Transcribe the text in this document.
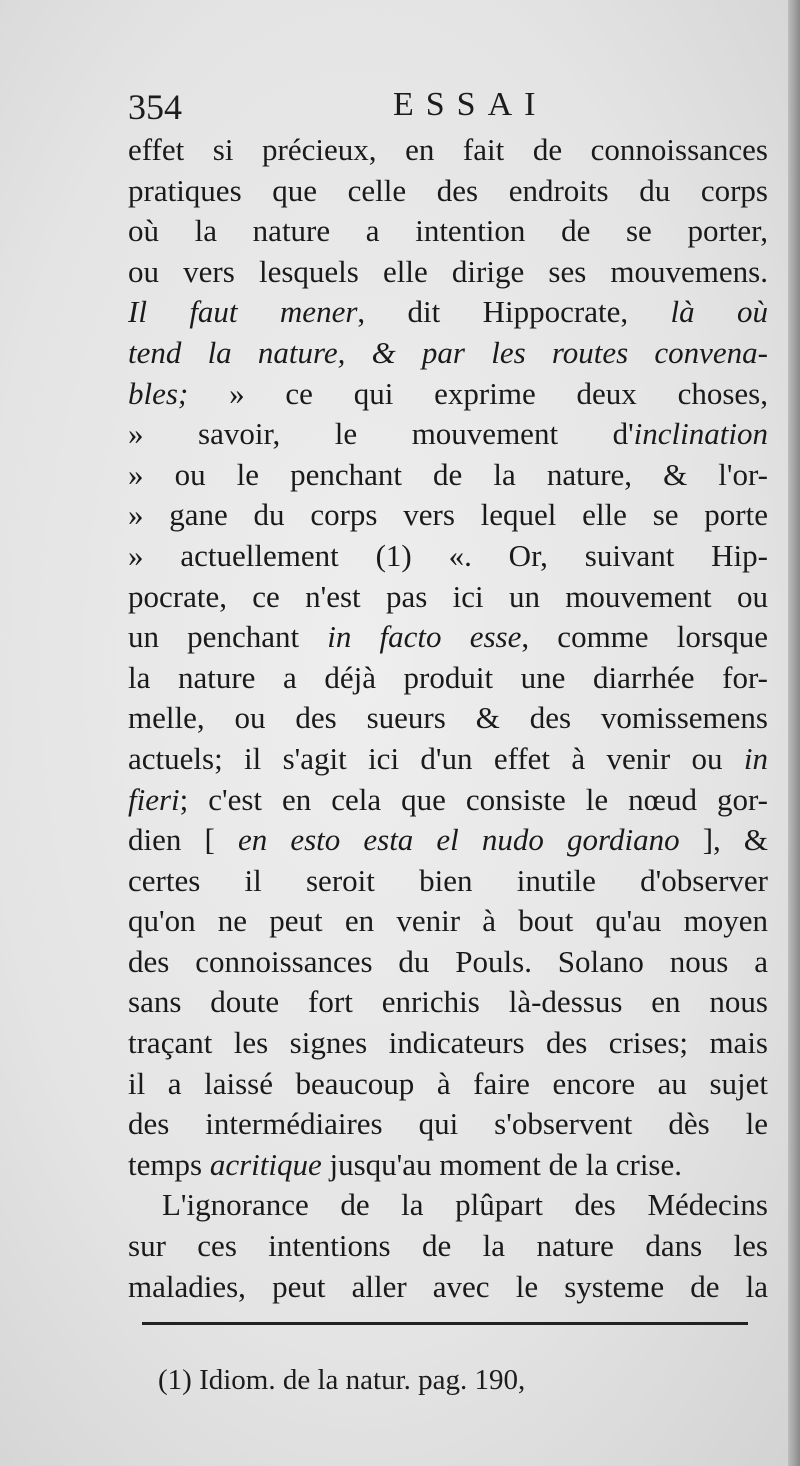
354	ESSAI
effet si précieux, en fait de connoissances
pratiques que celle des endroits du corps
où la nature a intention de se porter,
ou vers lesquels elle dirige ses mouvemens.
Il faut mener, dit Hippocrate, là où
tend la nature, & par les routes convena-
bles; » ce qui exprime deux choses,
» savoir, le mouvement d'inclination
» ou le penchant de la nature, & l'or-
» gane du corps vers lequel elle se porte
» actuellement (1) «. Or, suivant Hip-
pocrate, ce n'est pas ici un mouvement ou
un penchant in facto esse, comme lorsque
la nature a déjà produit une diarrhée for-
melle, ou des sueurs & des vomissemens
actuels; il s'agit ici d'un effet à venir ou in
fieri; c'est en cela que consiste le nœud gor-
dien [ en esto esta el nudo gordiano ], &
certes il seroit bien inutile d'observer
qu'on ne peut en venir à bout qu'au moyen
des connoissances du Pouls. Solano nous a
sans doute fort enrichis là-dessus en nous
traçant les signes indicateurs des crises; mais
il a laissé beaucoup à faire encore au sujet
des intermédiaires qui s'observent dès le
temps acritique jusqu'au moment de la crise.
L'ignorance de la plûpart des Médecins
sur ces intentions de la nature dans les
maladies, peut aller avec le systeme de la
(1) Idiom. de la natur. pag. 190,
